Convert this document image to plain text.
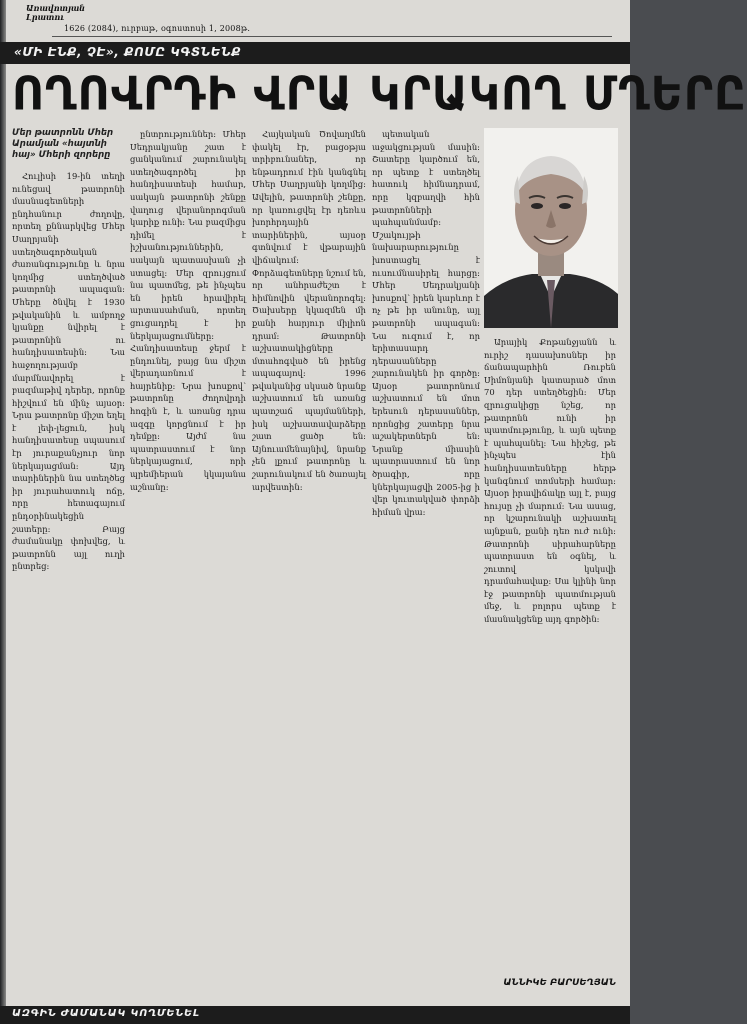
Առավոտյան Լրատու
1626 (2084), ուրբաթ, օգոստոսի 1, 2008թ.
«ՄԻ ԷՆՔ, ՉԷ», ՔՈՄԸ ԿԳՏՆԵՆՔ
ՈՂՈՎՐԴԻ ՎՐԱ ԿՐԱԿՈՂ ՄՂԵՐԸ
Մեր թատրոնն Մհեր Արամյան «հայտնի հայ» Մհերի զորերը

Հուլիսի 19-ին տեղի ունեցավ թատրոնի մասնագետների ընդհանուր ժողովը, որտեղ քննարկվեց Մհեր Սաղրյանի ստեղծագործական ժառանգությունը և նրա կողմից ստեղծված թատրոնի ապագան։ Մհերը ծնվել է 1930 թվականին և ամբողջ կյանքը նվիրել է թատրոնին ու հանդիսատեսին։ Նա հաջողությամբ մարմնավորել է բազմաթիվ դերեր, որոնք հիշվում են մինչ այսօր։ Նրա թատրոնը միշտ եղել է լեփ-լեցուն, իսկ հանդիսատեսը սպասում էր յուրաքանչյուր նոր ներկայացման։ Այդ տարիներին նա ստեղծեց իր յուրահատուկ ոճը, որը հետագայում ընդօրինակեցին շատերը։ Բայց ժամանակը փոխվեց, և թատրոնն այլ ուղի ընտրեց։

ընտրություններ։ Մհեր Սեդրակյանը շատ է ցանկանում շարունակել ստեղծագործել իր հանդիսատեսի համար, սակայն թատրոնի շենքը վաղուց վերանորոգման կարիք ունի։ Նա բազմիցս դիմել է իշխանություններին, սակայն պատասխան չի ստացել։ Մեր զրույցում նա պատմեց, թե ինչպես են իրեն հրավիրել արտասահման, որտեղ ցուցադրել է իր ներկայացումները։ Հանդիսատեսը ջերմ է ընդունել, բայց նա միշտ վերադառնում է հայրենիք։ Նրա խոսքով՝ թատրոնը ժողովրդի հոգին է, և առանց դրա ազգը կորցնում է իր դեմքը։ Այժմ նա պատրաստում է նոր ներկայացում, որի պրեմիերան կկայանա աշնանը։

Հայկական Ծովաղմեն փակել էր, բացօթյա տրիբունաներ, որ ենթադրում էին կանգնել Մհեր Սաղրյանի կողմից։ Ավելին, թատրոնի շենքը, որ կառուցվել էր դեռևս խորհրդային տարիներին, այսօր գտնվում է վթարային վիճակում։ Փորձագետները նշում են, որ անհրաժեշտ է հիմնովին վերանորոգել։ Ծախսերը կկազմեն մի քանի հարյուր միլիոն դրամ։ Թատրոնի աշխատակիցները մտահոգված են իրենց ապագայով։ 1996 թվականից սկսած նրանք աշխատում են առանց պատշաճ պայմանների, իսկ աշխատավարձերը շատ ցածր են։ Այնուամենայնիվ, նրանք չեն լքում թատրոնը և շարունակում են ծառայել արվեստին։

պետական աջակցության մասին։ Շատերը կարծում են, որ պետք է ստեղծել հատուկ հիմնադրամ, որը կզբաղվի հին թատրոնների պահպանմամբ։ Մշակույթի նախարարությունը խոստացել է ուսումնասիրել հարցը։ Մհեր Սեդրակյանի խոսքով՝ իրեն կարևոր է ոչ թե իր անունը, այլ թատրոնի ապագան։ Նա ուզում է, որ երիտասարդ դերասանները շարունակեն իր գործը։ Այսօր թատրոնում աշխատում են մոտ երեսուն դերասաններ, որոնցից շատերը նրա աշակերտներն են։ Նրանք միասին պատրաստում են նոր ծրագիր, որը կներկայացվի 2005-ից ի վեր կուտակված փորձի հիման վրա։

Արայիկ Քոթանջյանն և ուրիշ դասախոսներ իր ճանապարհին Ռուբեն Սիմոնյանի կատարած մոտ 70 դեր ստեղծեցին։ Մեր զրուցակիցը նշեց, որ թատրոնն ունի իր պատմությունը, և այն պետք է պահպանել։ Նա հիշեց, թե ինչպես էին հանդիսատեսները հերթ կանգնում տոմսերի համար։ Այսօր իրավիճակը այլ է, բայց հույսը չի մարում։ Նա ասաց, որ կշարունակի աշխատել այնքան, քանի դեռ ուժ ունի։ Թատրոնի սիրահարները պատրաստ են օգնել, և շուտով կսկսվի դրամահավաք։ Սա կլինի նոր էջ թատրոնի պատմության մեջ, և բոլորս պետք է մասնակցենք այդ գործին։

ԱՆՆԻԿԵ ԲԱՐՍԵՂՅԱՆ
ԱԶԳԻՆ ԺԱՄԱՆԱԿ ԿՈՂՄԵՆԵԼ
